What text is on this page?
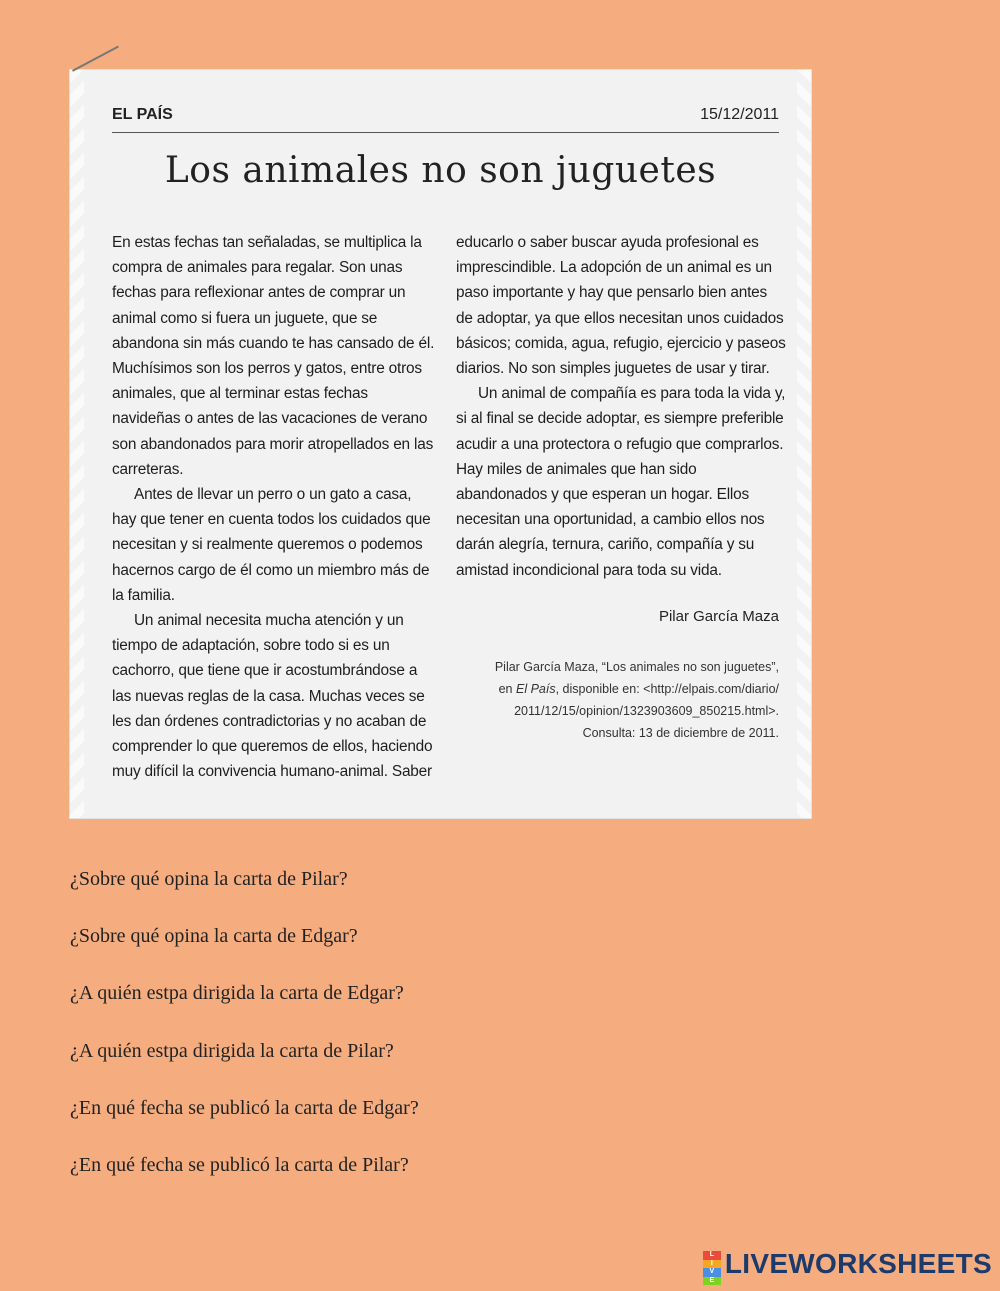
EL PAÍS	15/12/2011
Los animales no son juguetes

En estas fechas tan señaladas, se multiplica la compra de animales para regalar. Son unas fechas para reflexionar antes de comprar un animal como si fuera un juguete, que se abandona sin más cuando te has cansado de él. Muchísimos son los perros y gatos, entre otros animales, que al terminar estas fechas navideñas o antes de las vacaciones de verano son abandonados para morir atropellados en las carreteras.

Antes de llevar un perro o un gato a casa, hay que tener en cuenta todos los cuidados que necesitan y si realmente queremos o podemos hacernos cargo de él como un miembro más de la familia.

Un animal necesita mucha atención y un tiempo de adaptación, sobre todo si es un cachorro, que tiene que ir acostumbrándose a las nuevas reglas de la casa. Muchas veces se les dan órdenes contradictorias y no acaban de comprender lo que queremos de ellos, haciendo muy difícil la convivencia humano-animal. Saber

educarlo o saber buscar ayuda profesional es imprescindible. La adopción de un animal es un paso importante y hay que pensarlo bien antes de adoptar, ya que ellos necesitan unos cuidados básicos; comida, agua, refugio, ejercicio y paseos diarios. No son simples juguetes de usar y tirar.

Un animal de compañía es para toda la vida y, si al final se decide adoptar, es siempre preferible acudir a una protectora o refugio que comprarlos. Hay miles de animales que han sido abandonados y que esperan un hogar. Ellos necesitan una oportunidad, a cambio ellos nos darán alegría, ternura, cariño, compañía y su amistad incondicional para toda su vida.

Pilar García Maza
Pilar García Maza, “Los animales no son juguetes”,
en El País, disponible en: <http://elpais.com/diario/
2011/12/15/opinion/1323903609_850215.html>.
Consulta: 13 de diciembre de 2011.
¿Sobre qué opina la carta de Pilar?
¿Sobre qué opina la carta de Edgar?
¿A quién estpa dirigida la carta de Edgar?
¿A quién estpa dirigida la carta de Pilar?
¿En qué fecha se publicó la carta de Edgar?
¿En qué fecha se publicó la carta de Pilar?
L
I
V
E
LIVEWORKSHEETS
